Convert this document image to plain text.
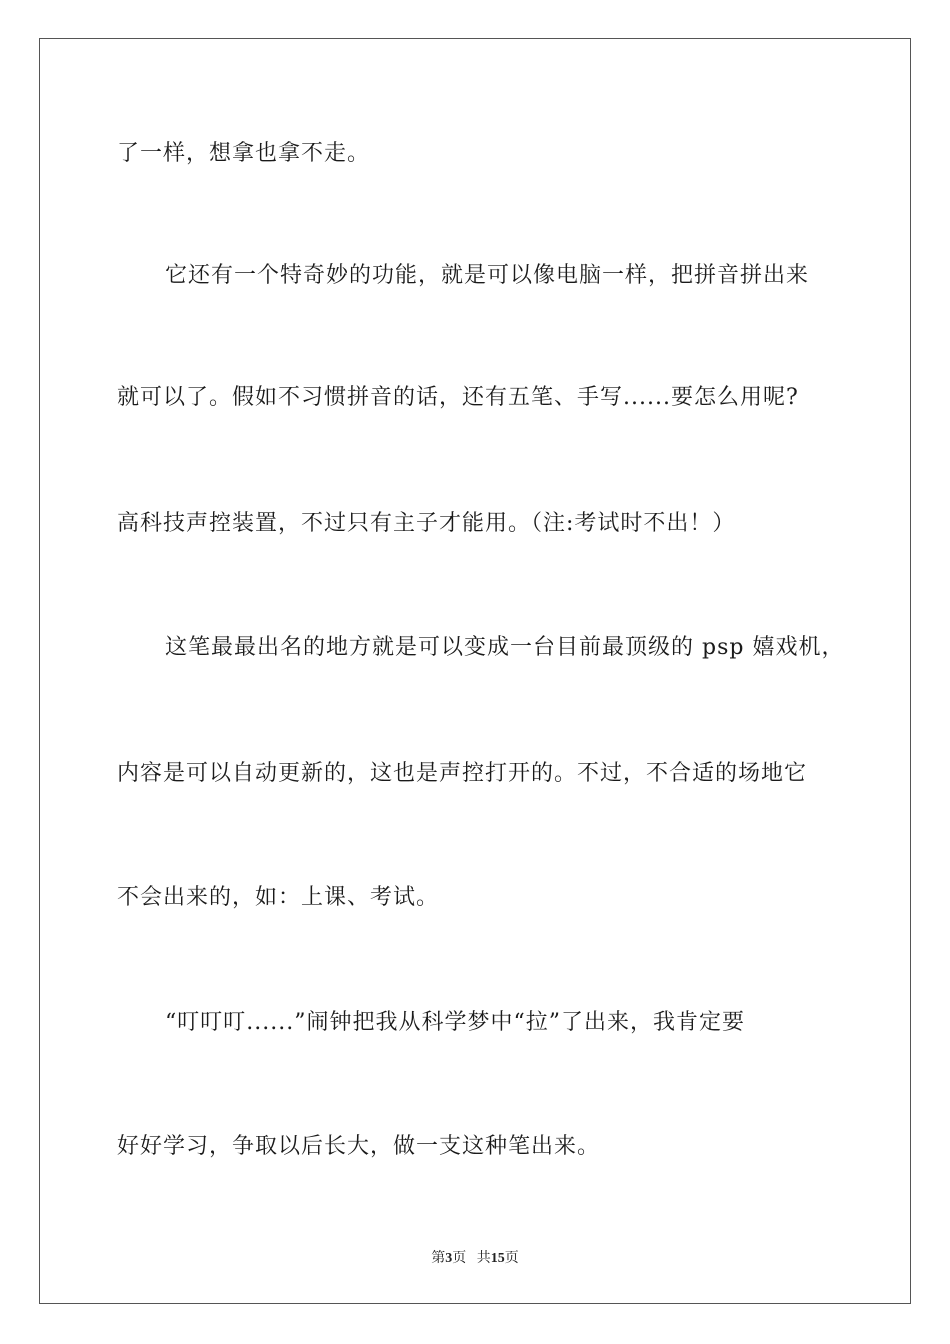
了一样，想拿也拿不走。
它还有一个特奇妙的功能，就是可以像电脑一样，把拼音拼出来
就可以了。假如不习惯拼音的话，还有五笔、手写......要怎么用呢?
高科技声控装置，不过只有主子才能用。（注:考试时不出！）
这笔最最出名的地方就是可以变成一台目前最顶级的 psp 嬉戏机，
内容是可以自动更新的，这也是声控打开的。不过，不合适的场地它
不会出来的，如：上课、考试。
“叮叮叮......”闹钟把我从科学梦中“拉”了出来，我肯定要
好好学习，争取以后长大，做一支这种笔出来。
第3页 共15页
